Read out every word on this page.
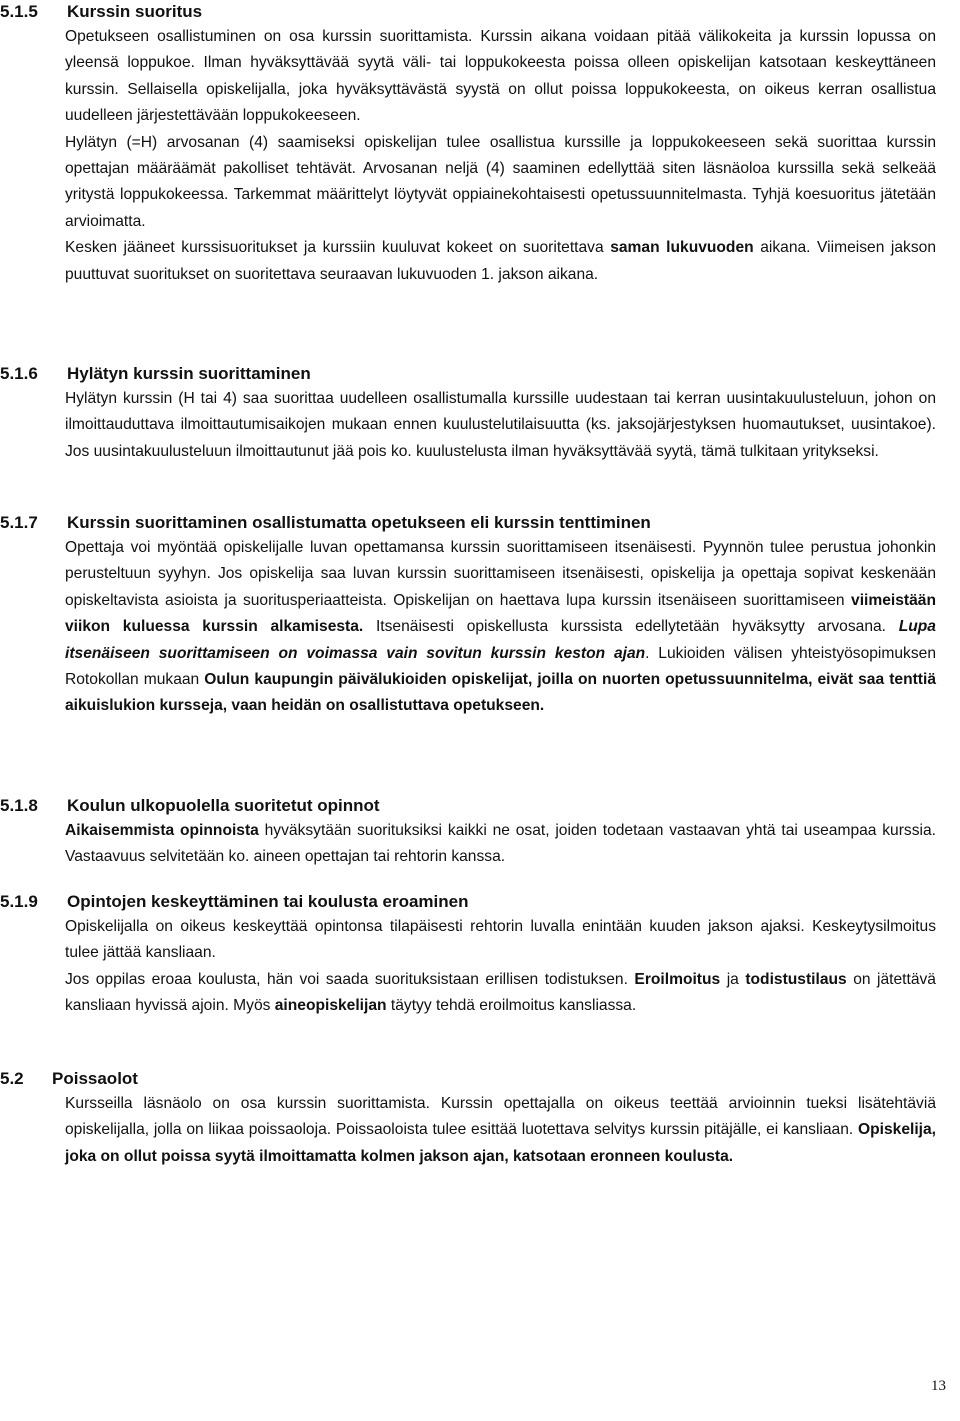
5.1.5 Kurssin suoritus

Opetukseen osallistuminen on osa kurssin suorittamista. Kurssin aikana voidaan pitää välikokeita ja kurssin lopussa on yleensä loppukoe. Ilman hyväksyttävää syytä väli- tai loppukokeesta poissa olleen opiskelijan katsotaan keskeyttäneen kurssin. Sellaisella opiskelijalla, joka hyväksyttävästä syystä on ollut poissa loppukokeesta, on oikeus kerran osallistua uudelleen järjestettävään loppukokeeseen.

Hylätyn (=H) arvosanan (4) saamiseksi opiskelijan tulee osallistua kurssille ja loppukokeeseen sekä suorittaa kurssin opettajan määräämät pakolliset tehtävät. Arvosanan neljä (4) saaminen edellyttää siten läsnäoloa kurssilla sekä selkeää yritystä loppukokeessa. Tarkemmat määrittelyt löytyvät oppiainekohtaisesti opetussuunnitelmasta. Tyhjä koesuoritus jätetään arvioimatta.

Kesken jääneet kurssisuoritukset ja kurssiin kuuluvat kokeet on suoritettava saman lukuvuoden aikana. Viimeisen jakson puuttuvat suoritukset on suoritettava seuraavan lukuvuoden 1. jakson aikana.

5.1.6 Hylätyn kurssin suorittaminen

Hylätyn kurssin (H tai 4) saa suorittaa uudelleen osallistumalla kurssille uudestaan tai kerran uusintakuulusteluun, johon on ilmoittauduttava ilmoittautumisaikojen mukaan ennen kuulustelutilaisuutta (ks. jaksojärjestyksen huomautukset, uusintakoe). Jos uusintakuulusteluun ilmoittautunut jää pois ko. kuulustelusta ilman hyväksyttävää syytä, tämä tulkitaan yritykseksi.

5.1.7 Kurssin suorittaminen osallistumatta opetukseen eli kurssin tenttiminen

Opettaja voi myöntää opiskelijalle luvan opettamansa kurssin suorittamiseen itsenäisesti. Pyynnön tulee perustua johonkin perusteltuun syyhyn. Jos opiskelija saa luvan kurssin suorittamiseen itsenäisesti, opiskelija ja opettaja sopivat keskenään opiskeltavista asioista ja suoritusperiaatteista. Opiskelijan on haettava lupa kurssin itsenäiseen suorittamiseen viimeistään viikon kuluessa kurssin alkamisesta. Itsenäisesti opiskellusta kurssista edellytetään hyväksytty arvosana. Lupa itsenäiseen suorittamiseen on voimassa vain sovitun kurssin keston ajan. Lukioiden välisen yhteistyösopimuksen Rotokollan mukaan Oulun kaupungin päivälukioiden opiskelijat, joilla on nuorten opetussuunnitelma, eivät saa tenttiä aikuislukion kursseja, vaan heidän on osallistuttava opetukseen.

5.1.8 Koulun ulkopuolella suoritetut opinnot

Aikaisemmista opinnoista hyväksytään suorituksiksi kaikki ne osat, joiden todetaan vastaavan yhtä tai useampaa kurssia. Vastaavuus selvitetään ko. aineen opettajan tai rehtorin kanssa.

5.1.9 Opintojen keskeyttäminen tai koulusta eroaminen

Opiskelijalla on oikeus keskeyttää opintonsa tilapäisesti rehtorin luvalla enintään kuuden jakson ajaksi. Keskeytysilmoitus tulee jättää kansliaan.

Jos oppilas eroaa koulusta, hän voi saada suorituksistaan erillisen todistuksen. Eroilmoitus ja todistustilaus on jätettävä kansliaan hyvissä ajoin. Myös aineopiskelijan täytyy tehdä eroilmoitus kansliassa.

5.2 Poissaolot

Kursseilla läsnäolo on osa kurssin suorittamista. Kurssin opettajalla on oikeus teettää arvioinnin tueksi lisätehtäviä opiskelijalla, jolla on liikaa poissaoloja. Poissaoloista tulee esittää luotettava selvitys kurssin pitäjälle, ei kansliaan. Opiskelija, joka on ollut poissa syytä ilmoittamatta kolmen jakson ajan, katsotaan eronneen koulusta.

13
